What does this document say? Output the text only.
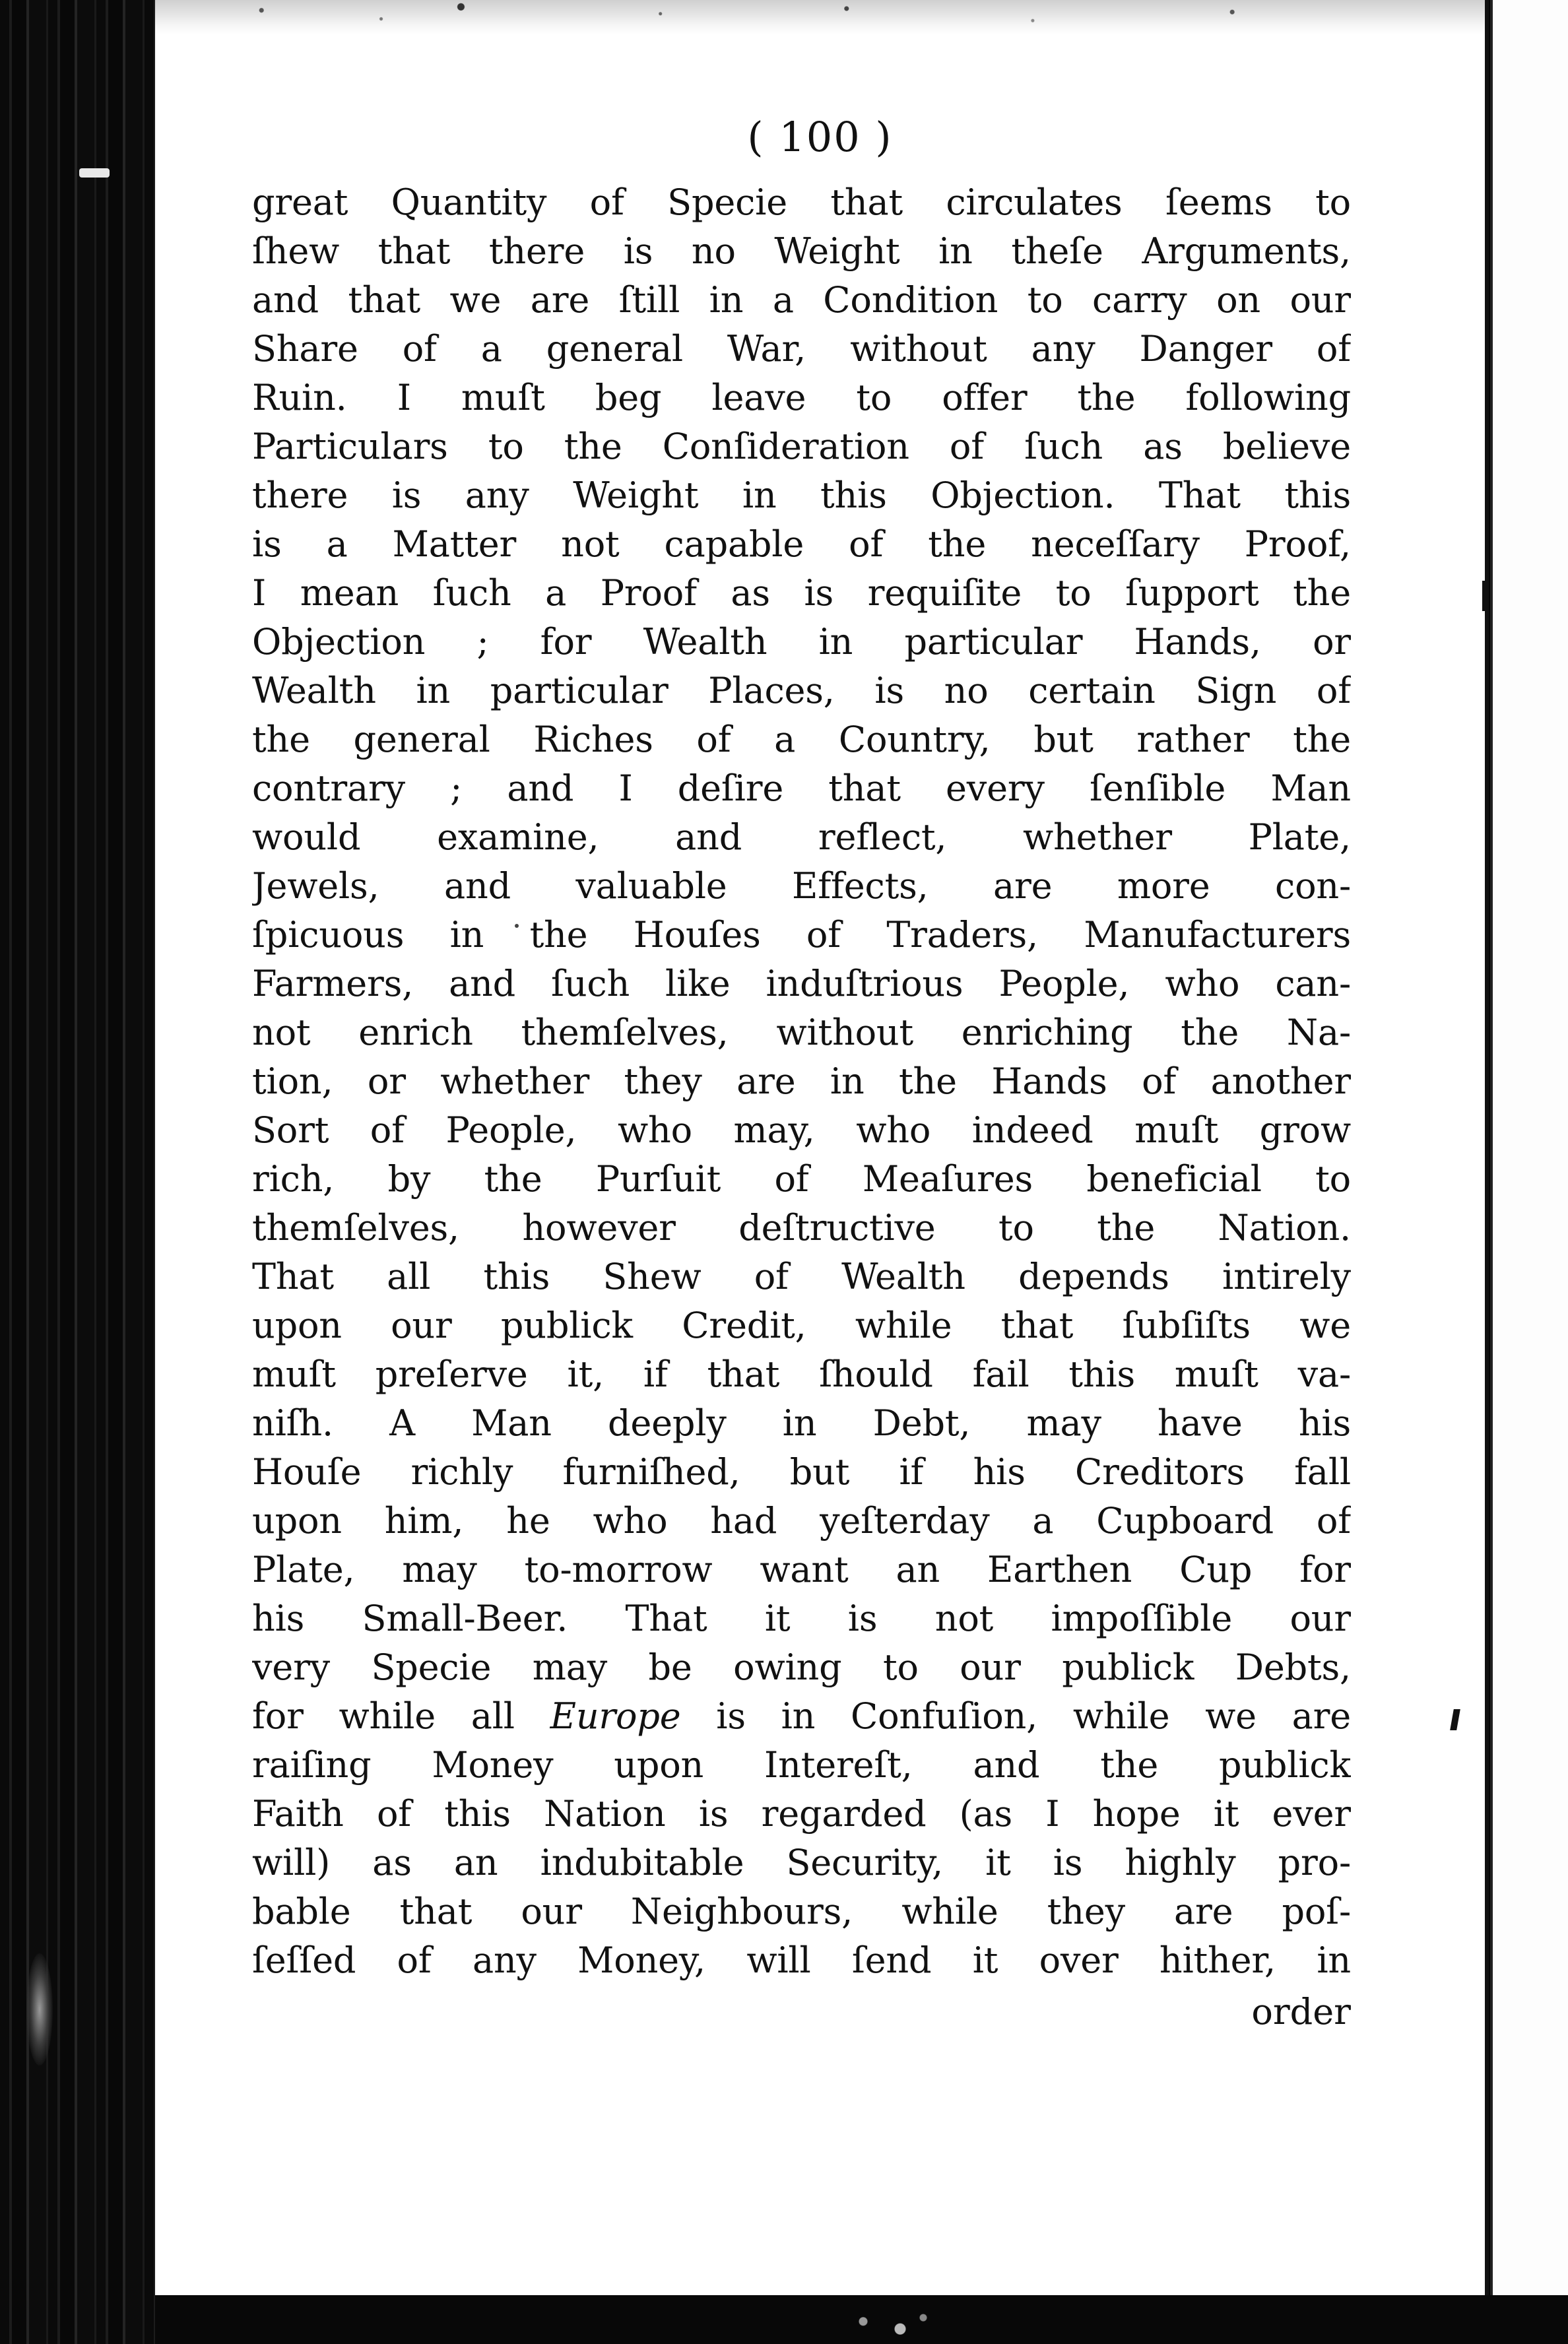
( 100 )
great Quantity of Specie that circulates ſeems to
ſhew that there is no Weight in theſe Arguments,
and that we are ſtill in a Condition to carry on our
Share of a general War, without any Danger of
Ruin. I muſt beg leave to offer the following
Particulars to the Conſideration of ſuch as believe
there is any Weight in this Objection. That this
is a Matter not capable of the neceſſary Proof,
I mean ſuch a Proof as is requiſite to ſupport the
Objection ; for Wealth in particular Hands, or
Wealth in particular Places, is no certain Sign of
the general Riches of a Country, but rather the
contrary ; and I deſire that every ſenſible Man
would examine, and reflect, whether Plate,
Jewels, and valuable Effects, are more con-
ſpicuous in the Houſes of Traders, Manufacturers
Farmers, and ſuch like induſtrious People, who can-
not enrich themſelves, without enriching the Na-
tion, or whether they are in the Hands of another
Sort of People, who may, who indeed muſt grow
rich, by the Purſuit of Meaſures beneficial to
themſelves, however deſtructive to the Nation.
That all this Shew of Wealth depends intirely
upon our publick Credit, while that ſubſiſts we
muſt preſerve it, if that ſhould fail this muſt va-
niſh. A Man deeply in Debt, may have his
Houſe richly furniſhed, but if his Creditors fall
upon him, he who had yeſterday a Cupboard of
Plate, may to-morrow want an Earthen Cup for
his Small-Beer. That it is not impoſſible our
very Specie may be owing to our publick Debts,
for while all Europe is in Confuſion, while we are
raiſing Money upon Intereſt, and the publick
Faith of this Nation is regarded (as I hope it ever
will) as an indubitable Security, it is highly pro-
bable that our Neighbours, while they are poſ-
ſeſſed of any Money, will ſend it over hither, in
order
